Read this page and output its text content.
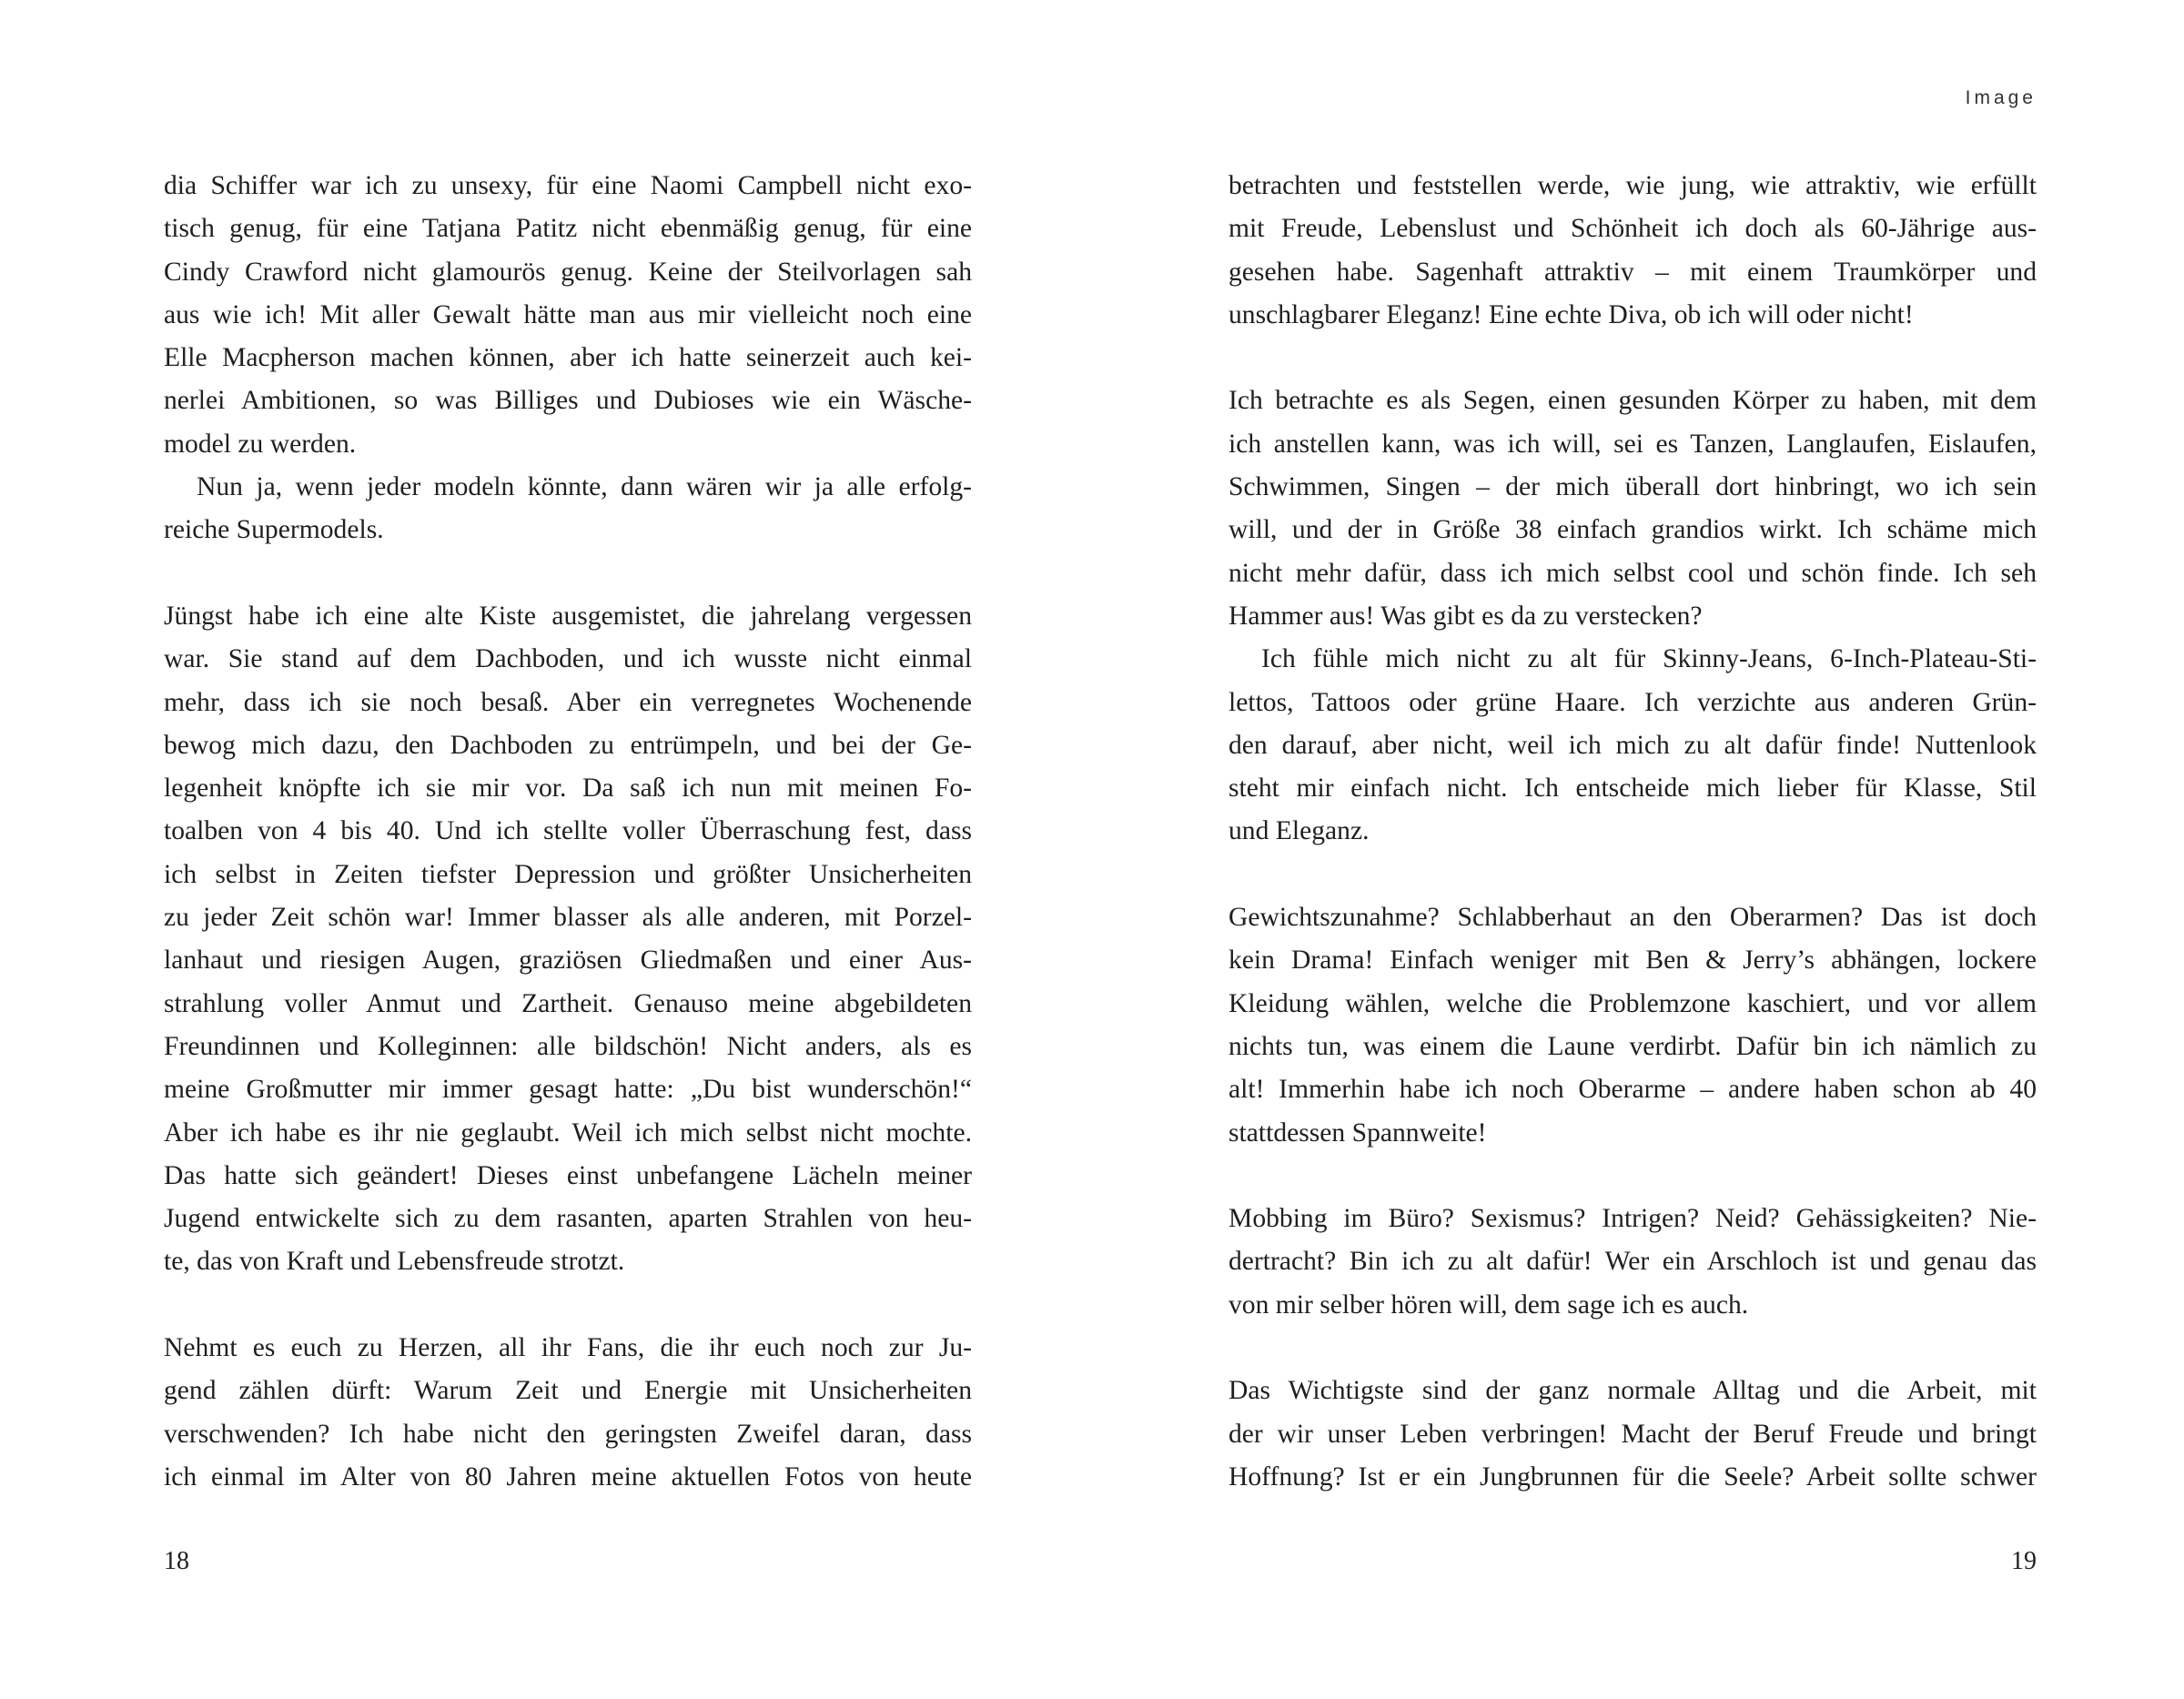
dia Schiffer war ich zu unsexy, für eine Naomi Campbell nicht exo-
tisch genug, für eine Tatjana Patitz nicht ebenmäßig genug, für eine
Cindy Crawford nicht glamourös genug. Keine der Steilvorlagen sah
aus wie ich! Mit aller Gewalt hätte man aus mir vielleicht noch eine
Elle Macpherson machen können, aber ich hatte seinerzeit auch kei-
nerlei Ambitionen, so was Billiges und Dubioses wie ein Wäsche-
model zu werden.
Nun ja, wenn jeder modeln könnte, dann wären wir ja alle erfolg-
reiche Supermodels.
Jüngst habe ich eine alte Kiste ausgemistet, die jahrelang vergessen
war. Sie stand auf dem Dachboden, und ich wusste nicht einmal
mehr, dass ich sie noch besaß. Aber ein verregnetes Wochenende
bewog mich dazu, den Dachboden zu entrümpeln, und bei der Ge-
legenheit knöpfte ich sie mir vor. Da saß ich nun mit meinen Fo-
toalben von 4 bis 40. Und ich stellte voller Überraschung fest, dass
ich selbst in Zeiten tiefster Depression und größter Unsicherheiten
zu jeder Zeit schön war! Immer blasser als alle anderen, mit Porzel-
lanhaut und riesigen Augen, graziösen Gliedmaßen und einer Aus-
strahlung voller Anmut und Zartheit. Genauso meine abgebildeten
Freundinnen und Kolleginnen: alle bildschön! Nicht anders, als es
meine Großmutter mir immer gesagt hatte: „Du bist wunderschön!“
Aber ich habe es ihr nie geglaubt. Weil ich mich selbst nicht mochte.
Das hatte sich geändert! Dieses einst unbefangene Lächeln meiner
Jugend entwickelte sich zu dem rasanten, aparten Strahlen von heu-
te, das von Kraft und Lebensfreude strotzt.
Nehmt es euch zu Herzen, all ihr Fans, die ihr euch noch zur Ju-
gend zählen dürft: Warum Zeit und Energie mit Unsicherheiten
verschwenden? Ich habe nicht den geringsten Zweifel daran, dass
ich einmal im Alter von 80 Jahren meine aktuellen Fotos von heute
18
Image
betrachten und feststellen werde, wie jung, wie attraktiv, wie erfüllt
mit Freude, Lebenslust und Schönheit ich doch als 60-Jährige aus-
gesehen habe. Sagenhaft attraktiv – mit einem Traumkörper und
unschlagbarer Eleganz! Eine echte Diva, ob ich will oder nicht!
Ich betrachte es als Segen, einen gesunden Körper zu haben, mit dem
ich anstellen kann, was ich will, sei es Tanzen, Langlaufen, Eislaufen,
Schwimmen, Singen – der mich überall dort hinbringt, wo ich sein
will, und der in Größe 38 einfach grandios wirkt. Ich schäme mich
nicht mehr dafür, dass ich mich selbst cool und schön finde. Ich seh
Hammer aus! Was gibt es da zu verstecken?
Ich fühle mich nicht zu alt für Skinny-Jeans, 6-Inch-Plateau-Sti-
lettos, Tattoos oder grüne Haare. Ich verzichte aus anderen Grün-
den darauf, aber nicht, weil ich mich zu alt dafür finde! Nuttenlook
steht mir einfach nicht. Ich entscheide mich lieber für Klasse, Stil
und Eleganz.
Gewichtszunahme? Schlabberhaut an den Oberarmen? Das ist doch
kein Drama! Einfach weniger mit Ben & Jerry’s abhängen, lockere
Kleidung wählen, welche die Problemzone kaschiert, und vor allem
nichts tun, was einem die Laune verdirbt. Dafür bin ich nämlich zu
alt! Immerhin habe ich noch Oberarme – andere haben schon ab 40
stattdessen Spannweite!
Mobbing im Büro? Sexismus? Intrigen? Neid? Gehässigkeiten? Nie-
dertracht? Bin ich zu alt dafür! Wer ein Arschloch ist und genau das
von mir selber hören will, dem sage ich es auch.
Das Wichtigste sind der ganz normale Alltag und die Arbeit, mit
der wir unser Leben verbringen! Macht der Beruf Freude und bringt
Hoffnung? Ist er ein Jungbrunnen für die Seele? Arbeit sollte schwer
19
